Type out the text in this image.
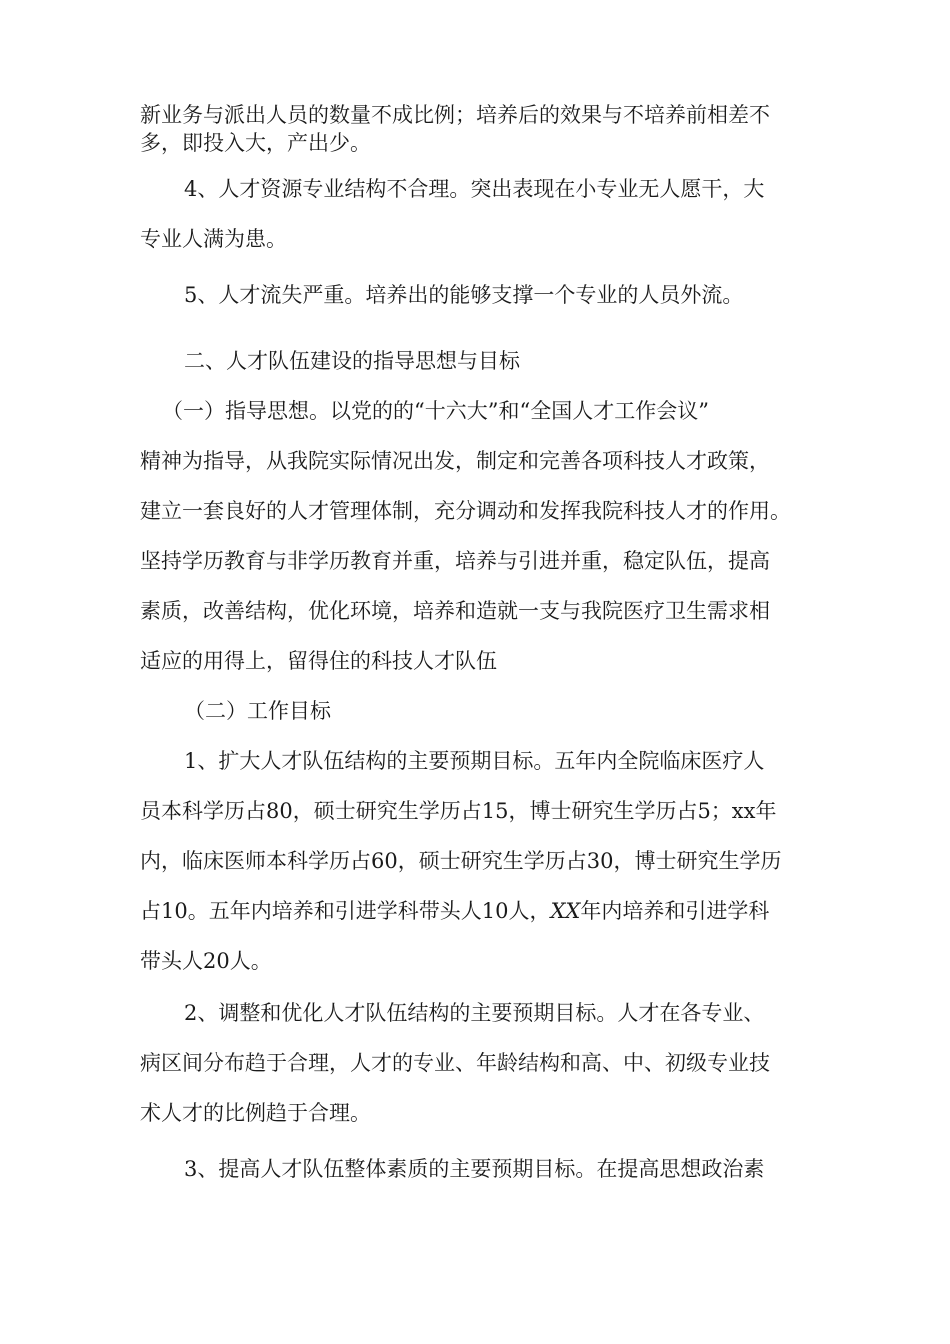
新业务与派出人员的数量不成比例；培养后的效果与不培养前相差不
多，即投入大，产出少。
4、人才资源专业结构不合理。突出表现在小专业无人愿干，大
专业人满为患。
5、人才流失严重。培养出的能够支撑一个专业的人员外流。
二、人才队伍建设的指导思想与目标
（一）指导思想。以党的的“十六大”和“全国人才工作会议”
精神为指导，从我院实际情况出发，制定和完善各项科技人才政策，
建立一套良好的人才管理体制，充分调动和发挥我院科技人才的作用。
坚持学历教育与非学历教育并重，培养与引进并重，稳定队伍，提高
素质，改善结构，优化环境，培养和造就一支与我院医疗卫生需求相
适应的用得上，留得住的科技人才队伍
（二）工作目标
1、扩大人才队伍结构的主要预期目标。五年内全院临床医疗人
员本科学历占80，硕士研究生学历占15，博士研究生学历占5；xx年
内，临床医师本科学历占60，硕士研究生学历占30，博士研究生学历
占10。五年内培养和引进学科带头人10人，XX年内培养和引进学科
带头人20人。
2、调整和优化人才队伍结构的主要预期目标。人才在各专业、
病区间分布趋于合理，人才的专业、年龄结构和高、中、初级专业技
术人才的比例趋于合理。
3、提高人才队伍整体素质的主要预期目标。在提高思想政治素
